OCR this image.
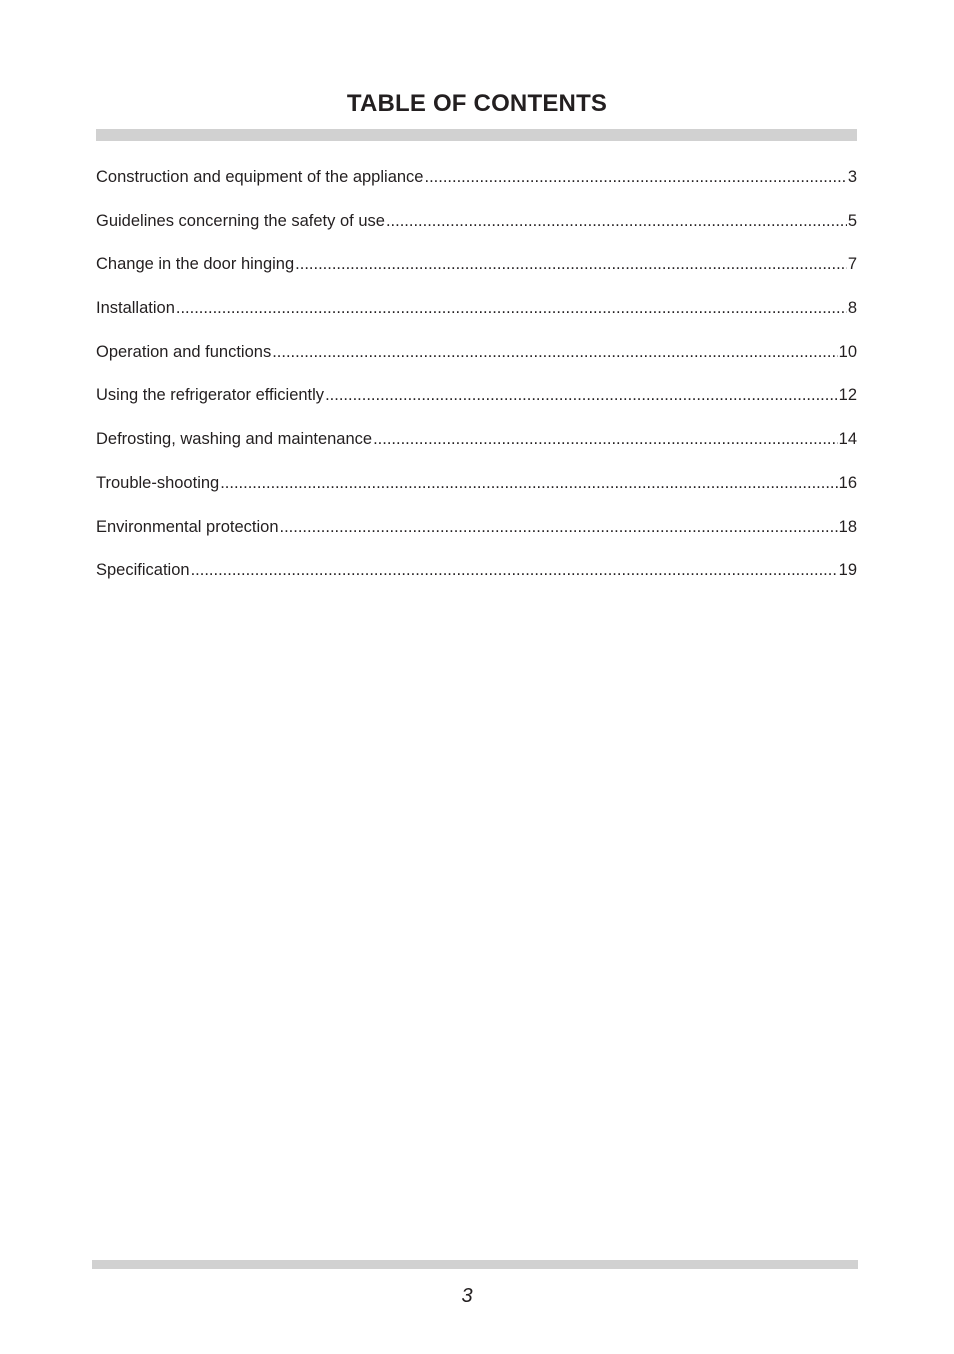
TABLE OF CONTENTS
Construction and equipment of the appliance .....	3
Guidelines concerning the safety of use .....	5
Change in the door hinging .....	7
Installation .....	8
Operation and functions .....	10
Using the refrigerator efficiently .....	12
Defrosting, washing and maintenance .....	14
Trouble-shooting .....	16
Environmental protection .....	18
Specification .....	19
3
